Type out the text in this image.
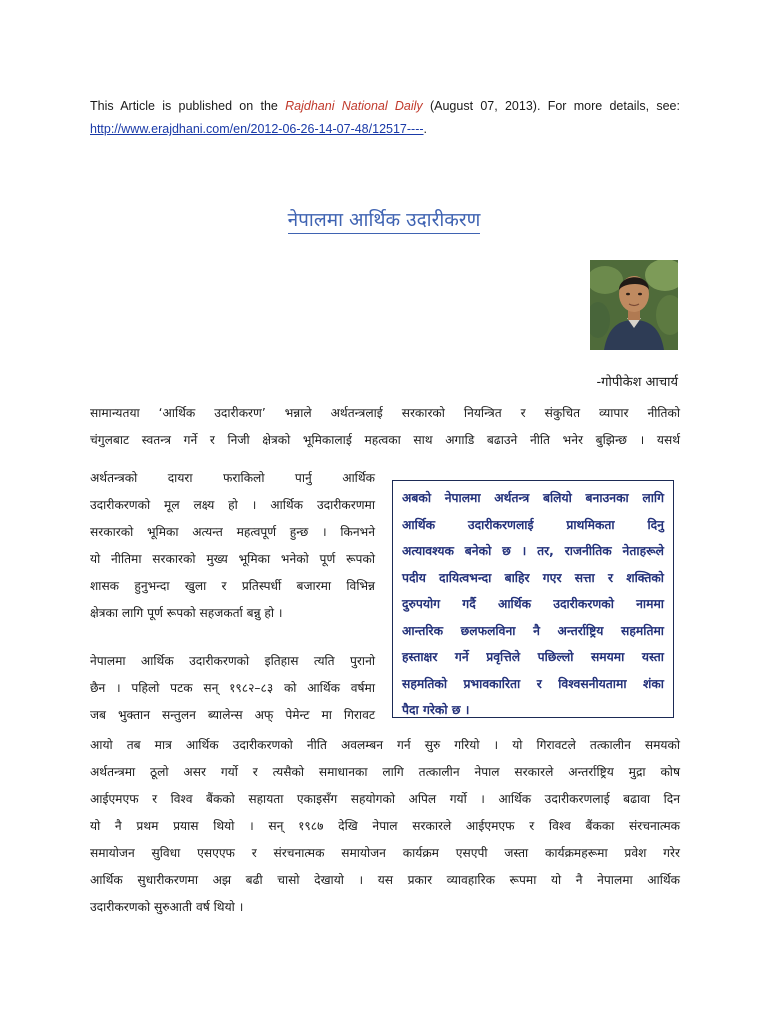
This Article is published on the Rajdhani National Daily (August 07, 2013). For more details, see:
http://www.erajdhani.com/en/2012-06-26-14-07-48/12517----.
नेपालमा आर्थिक उदारीकरण
-गोपीकेश आचार्य
सामान्यतया ‘आर्थिक उदारीकरण’ भन्नाले अर्थतन्त्रलाई सरकारको नियन्त्रित र संकुचित व्यापार नीतिको
चंगुलबाट स्वतन्त्र गर्ने र निजी क्षेत्रको भूमिकालाई महत्वका साथ अगाडि बढाउने नीति भनेर बुझिन्छ । यसर्थ
अर्थतन्त्रको दायरा फराकिलो पार्नु आर्थिक
उदारीकरणको मूल लक्ष्य हो । आर्थिक उदारीकरणमा
सरकारको भूमिका अत्यन्त महत्वपूर्ण हुन्छ । किनभने
यो नीतिमा सरकारको मुख्य भूमिका भनेको पूर्ण रूपको
शासक हुनुभन्दा खुला र प्रतिस्पर्धी बजारमा विभिन्न
क्षेत्रका लागि पूर्ण रूपको सहजकर्ता बन्नु हो ।
नेपालमा आर्थिक उदारीकरणको इतिहास त्यति पुरानो
छैन । पहिलो पटक सन् १९८२–८३ को आर्थिक वर्षमा
जब भुक्तान सन्तुलन ब्यालेन्स अफ् पेमेन्ट मा गिरावट
अबको नेपालमा अर्थतन्त्र बलियो बनाउनका लागि
आर्थिक उदारीकरणलाई प्राथमिकता दिनु
अत्यावश्यक बनेको छ । तर, राजनीतिक नेताहरूले
पदीय दायित्वभन्दा बाहिर गएर सत्ता र शक्तिको
दुरुपयोग गर्दै आर्थिक उदारीकरणको नाममा
आन्तरिक छलफलविना नै अन्तर्राष्ट्रिय सहमतिमा
हस्ताक्षर गर्ने प्रवृत्तिले पछिल्लो समयमा यस्ता
सहमतिको प्रभावकारिता र विश्वसनीयतामा शंका
पैदा गरेको छ ।
आयो तब मात्र आर्थिक उदारीकरणको नीति अवलम्बन गर्न सुरु गरियो । यो गिरावटले तत्कालीन समयको
अर्थतन्त्रमा ठूलो असर गर्यो र त्यसैको समाधानका लागि तत्कालीन नेपाल सरकारले अन्तर्राष्ट्रिय मुद्रा कोष
आईएमएफ र विश्व बैंकको सहायता एकाइसँग सहयोगको अपिल गर्यो । आर्थिक उदारीकरणलाई बढावा दिन
यो नै प्रथम प्रयास थियो । सन् १९८७ देखि नेपाल सरकारले आईएमएफ र विश्व बैंकका संरचनात्मक
समायोजन सुविधा एसएएफ र संरचनात्मक समायोजन कार्यक्रम एसएपी जस्ता कार्यक्रमहरूमा प्रवेश गरेर
आर्थिक सुधारीकरणमा अझ बढी चासो देखायो । यस प्रकार व्यावहारिक रूपमा यो नै नेपालमा आर्थिक
उदारीकरणको सुरुआती वर्ष थियो ।
